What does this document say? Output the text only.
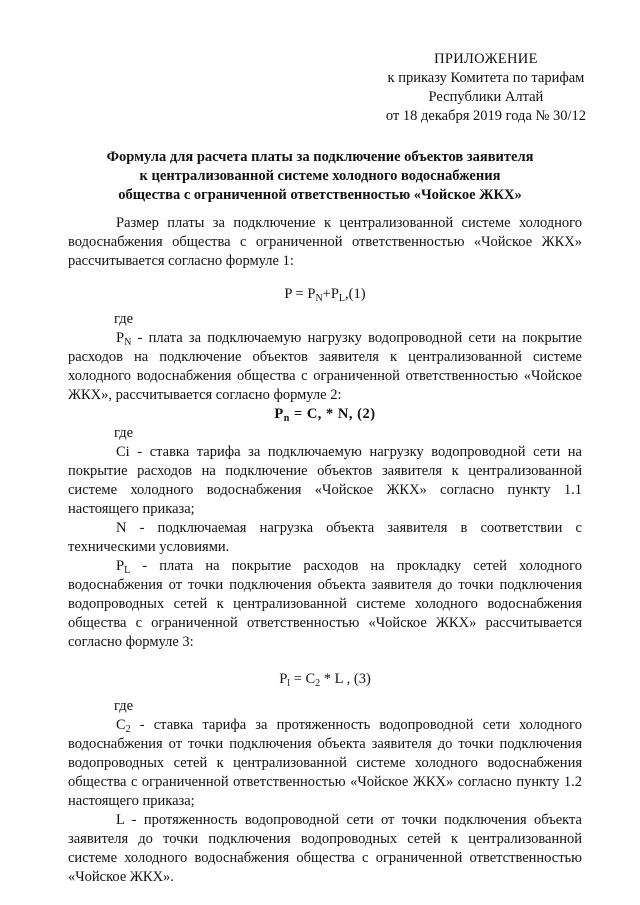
ПРИЛОЖЕНИЕ
к приказу Комитета по тарифам
Республики Алтай
от 18 декабря 2019 года № 30/12
Формула для расчета платы за подключение объектов заявителя
к централизованной системе холодного водоснабжения
общества с ограниченной ответственностью «Чойское ЖКХ»

Размер платы за подключение к централизованной системе холодного водоснабжения общества с ограниченной ответственностью «Чойское ЖКХ» рассчитывается согласно формуле 1:

$P = P_N+P_L,(1)$

где

$P_N$ - плата за подключаемую нагрузку водопроводной сети на покрытие расходов на подключение объектов заявителя к централизованной системе холодного водоснабжения общества с ограниченной ответственностью «Чойское ЖКХ», рассчитывается согласно формуле 2:

$P_n = C$, * N, (2)

где

Ci - ставка тарифа за подключаемую нагрузку водопроводной сети на покрытие расходов на подключение объектов заявителя к централизованной системе холодного водоснабжения «Чойское ЖКХ» согласно пункту 1.1 настоящего приказа;

N - подключаемая нагрузка объекта заявителя в соответствии с техническими условиями.

$P_L$ - плата на покрытие расходов на прокладку сетей холодного водоснабжения от точки подключения объекта заявителя до точки подключения водопроводных сетей к централизованной системе холодного водоснабжения общества с ограниченной ответственностью «Чойское ЖКХ» рассчитывается согласно формуле 3:

$P_l = C_2 * L$ , (3)

где

$C_2$ - ставка тарифа за протяженность водопроводной сети холодного водоснабжения от точки подключения объекта заявителя до точки подключения водопроводных сетей к централизованной системе холодного водоснабжения общества с ограниченной ответственностью «Чойское ЖКХ» согласно пункту 1.2 настоящего приказа;

L - протяженность водопроводной сети от точки подключения объекта заявителя до точки подключения водопроводных сетей к централизованной системе холодного водоснабжения общества с ограниченной ответственностью «Чойское ЖКХ».
